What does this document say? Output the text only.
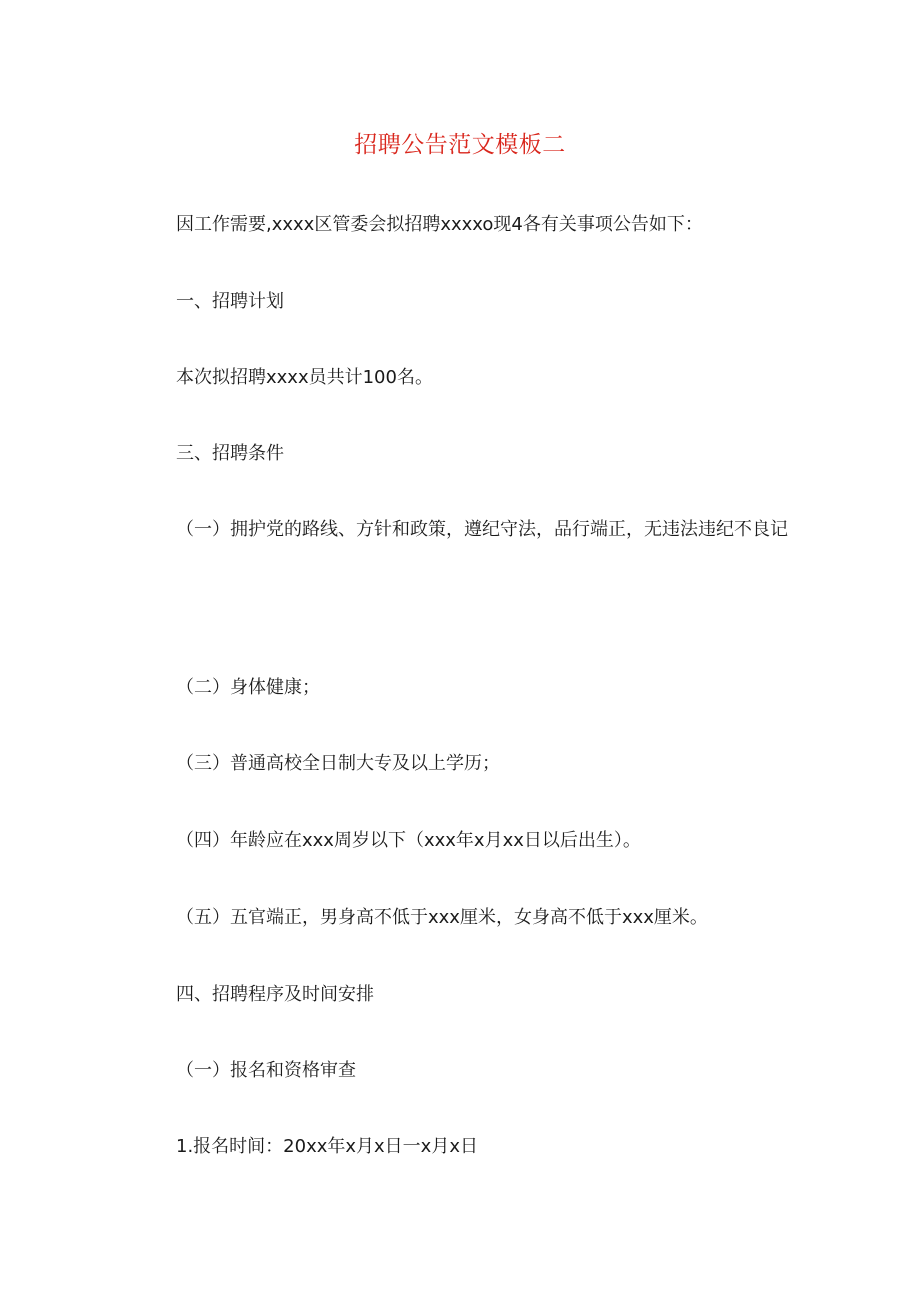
招聘公告范文模板二
因工作需要,xxxx区管委会拟招聘xxxxo现4各有关事项公告如下：
一、招聘计划
本次拟招聘xxxx员共计100名。
三、招聘条件
（一）拥护党的路线、方针和政策，遵纪守法，品行端正，无违法违纪不良记
（二）身体健康；
（三）普通高校全日制大专及以上学历；
（四）年龄应在xxx周岁以下（xxx年x月xx日以后出生）。
（五）五官端正，男身高不低于xxx厘米，女身高不低于xxx厘米。
四、招聘程序及时间安排
（一）报名和资格审查
1.报名时间：20xx年x月x日一x月x日
